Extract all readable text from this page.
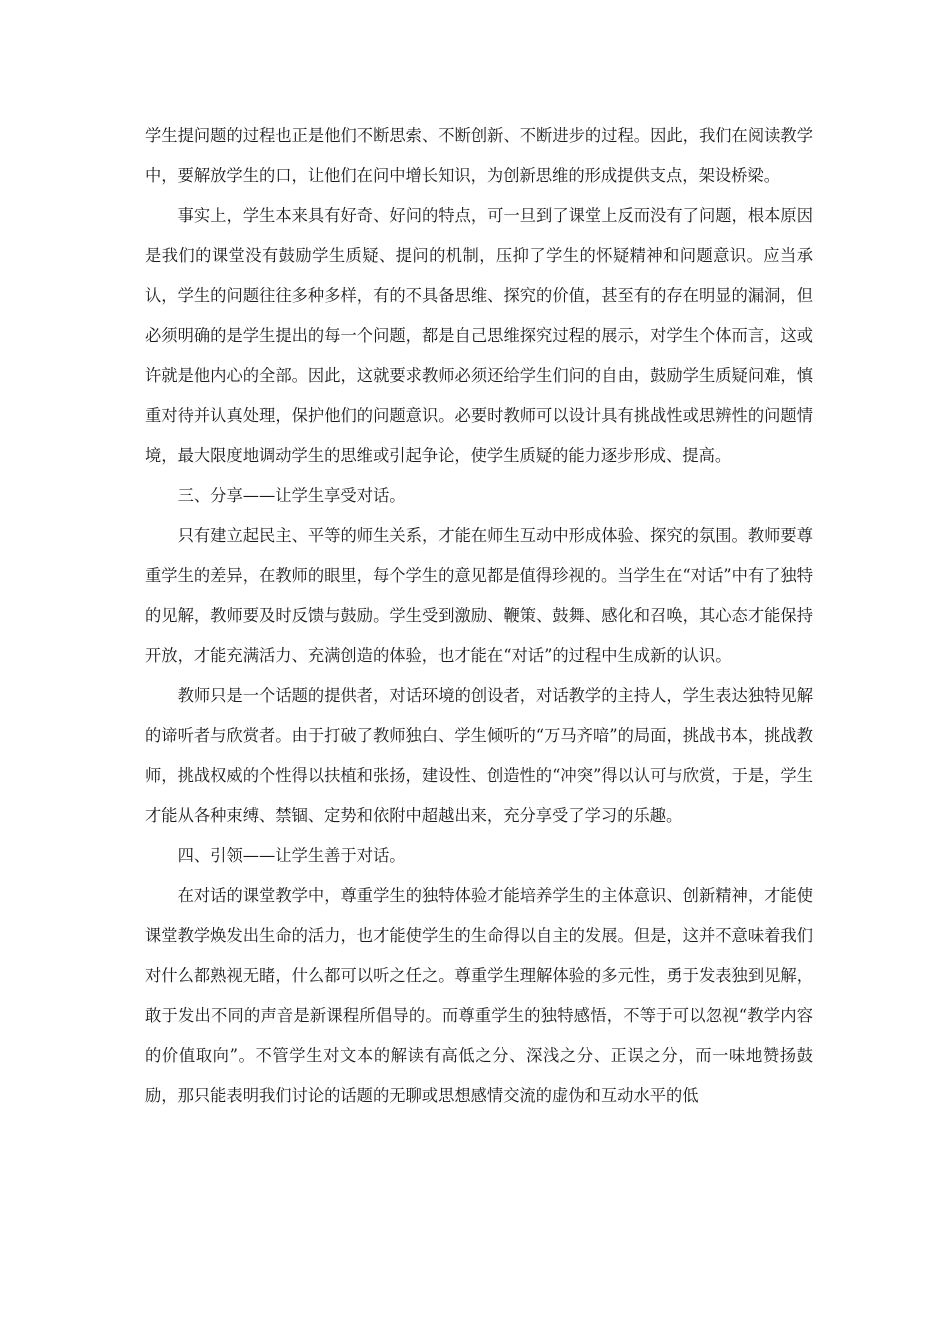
学生提问题的过程也正是他们不断思索、不断创新、不断进步的过程。因此，我们在阅读教学中，要解放学生的口，让他们在问中增长知识，为创新思维的形成提供支点，架设桥梁。

事实上，学生本来具有好奇、好问的特点，可一旦到了课堂上反而没有了问题，根本原因是我们的课堂没有鼓励学生质疑、提问的机制，压抑了学生的怀疑精神和问题意识。应当承认，学生的问题往往多种多样，有的不具备思维、探究的价值，甚至有的存在明显的漏洞，但必须明确的是学生提出的每一个问题，都是自己思维探究过程的展示，对学生个体而言，这或许就是他内心的全部。因此，这就要求教师必须还给学生们问的自由，鼓励学生质疑问难，慎重对待并认真处理，保护他们的问题意识。必要时教师可以设计具有挑战性或思辨性的问题情境，最大限度地调动学生的思维或引起争论，使学生质疑的能力逐步形成、提高。

三、分享——让学生享受对话。

只有建立起民主、平等的师生关系，才能在师生互动中形成体验、探究的氛围。教师要尊重学生的差异，在教师的眼里，每个学生的意见都是值得珍视的。当学生在“对话”中有了独特的见解，教师要及时反馈与鼓励。学生受到激励、鞭策、鼓舞、感化和召唤，其心态才能保持开放，才能充满活力、充满创造的体验，也才能在“对话”的过程中生成新的认识。

教师只是一个话题的提供者，对话环境的创设者，对话教学的主持人，学生表达独特见解的谛听者与欣赏者。由于打破了教师独白、学生倾听的“万马齐喑”的局面，挑战书本，挑战教师，挑战权威的个性得以扶植和张扬，建设性、创造性的“冲突”得以认可与欣赏，于是，学生才能从各种束缚、禁锢、定势和依附中超越出来，充分享受了学习的乐趣。

四、引领——让学生善于对话。

在对话的课堂教学中，尊重学生的独特体验才能培养学生的主体意识、创新精神，才能使课堂教学焕发出生命的活力，也才能使学生的生命得以自主的发展。但是，这并不意味着我们对什么都熟视无睹，什么都可以听之任之。尊重学生理解体验的多元性，勇于发表独到见解，敢于发出不同的声音是新课程所倡导的。而尊重学生的独特感悟，不等于可以忽视“教学内容的价值取向”。不管学生对文本的解读有高低之分、深浅之分、正误之分，而一味地赞扬鼓励，那只能表明我们讨论的话题的无聊或思想感情交流的虚伪和互动水平的低
